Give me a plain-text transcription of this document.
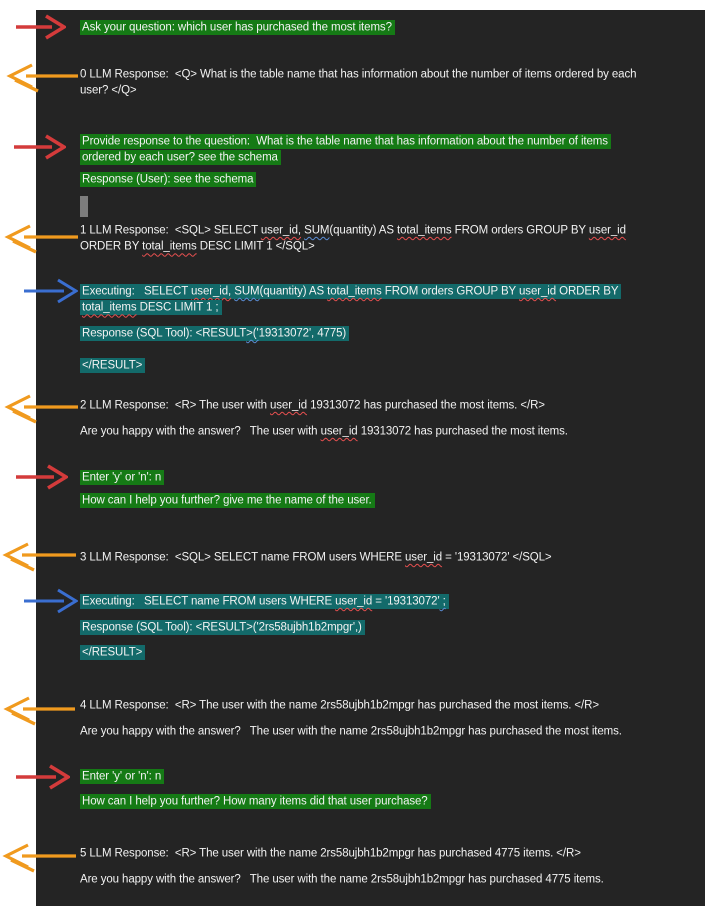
Ask your question: which user has purchased the most items?
0 LLM Response:  <Q> What is the table name that has information about the number of items ordered by each
user? </Q>
Provide response to the question:  What is the table name that has information about the number of items
ordered by each user? see the schema
Response (User): see the schema
1 LLM Response:  <SQL> SELECT user_id, SUM(quantity) AS total_items FROM orders GROUP BY user_id
ORDER BY total_items DESC LIMIT 1 </SQL>
Executing:   SELECT user_id, SUM(quantity) AS total_items FROM orders GROUP BY user_id ORDER BY
total_items DESC LIMIT 1 ;
Response (SQL Tool): <RESULT>('19313072', 4775)
</RESULT>
2 LLM Response:  <R> The user with user_id 19313072 has purchased the most items. </R>
Are you happy with the answer?   The user with user_id 19313072 has purchased the most items.
Enter 'y' or 'n': n
How can I help you further? give me the name of the user.
3 LLM Response:  <SQL> SELECT name FROM users WHERE user_id = '19313072' </SQL>
Executing:   SELECT name FROM users WHERE user_id = '19313072' ;
Response (SQL Tool): <RESULT>('2rs58ujbh1b2mpgr',)
</RESULT>
4 LLM Response:  <R> The user with the name 2rs58ujbh1b2mpgr has purchased the most items. </R>
Are you happy with the answer?   The user with the name 2rs58ujbh1b2mpgr has purchased the most items.
Enter 'y' or 'n': n
How can I help you further? How many items did that user purchase?
5 LLM Response:  <R> The user with the name 2rs58ujbh1b2mpgr has purchased 4775 items. </R>
Are you happy with the answer?   The user with the name 2rs58ujbh1b2mpgr has purchased 4775 items.
